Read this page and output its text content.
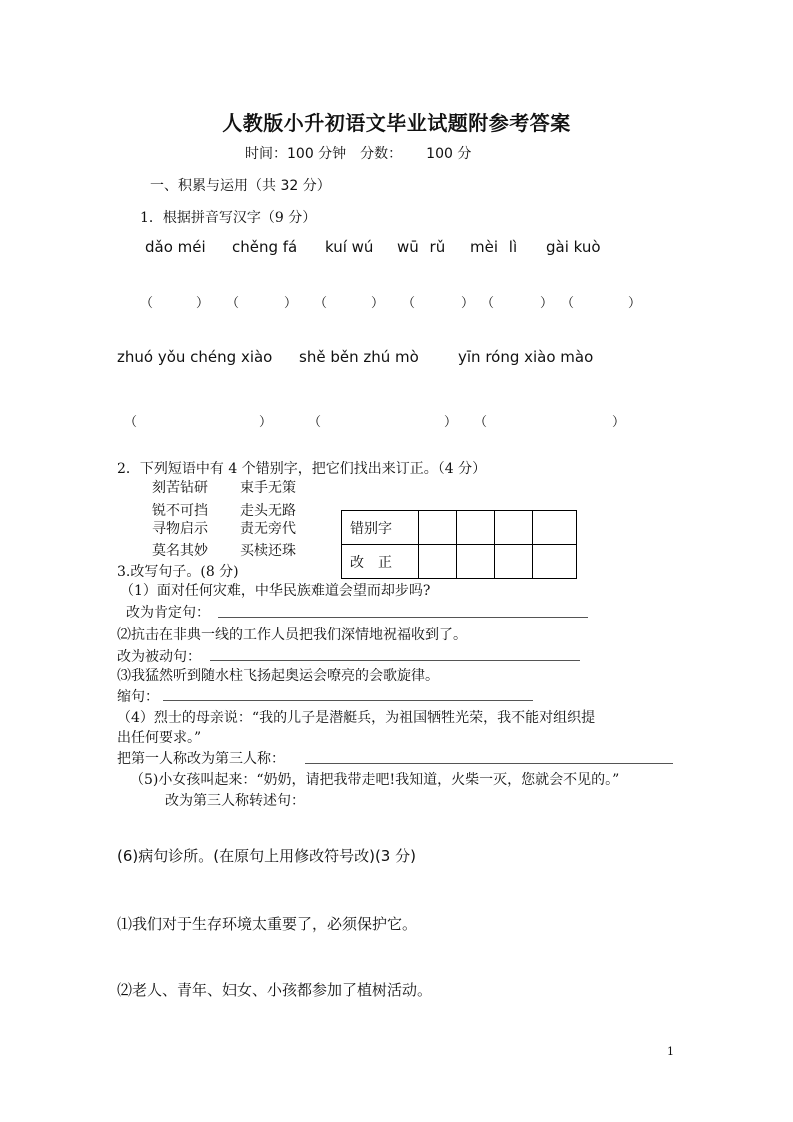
人教版小升初语文毕业试题附参考答案
时间：100 分钟 分数： 100 分
一、积累与运用（共 32 分）
1．根据拼音写汉字（9 分）
dǎo méi chěng fá kuí wú wū rǔ mèi lì gài kuò
（	） （	） （	） （	） （	） （	）
zhuó yǒu chéng xiào shě běn zhú mò	yīn róng xiào mào
（	）	（	） （	）
2．下列短语中有 4 个错别字，把它们找出来订正。（4 分）
刻苦钻研 束手无策
锐不可挡 走头无路
寻物启示 责无旁代
莫名其妙 买椟还珠
错别字				
改　正				
3.改写句子。(8 分)
（1）面对任何灾难，中华民族难道会望而却步吗?
改为肯定句：
⑵抗击在非典一线的工作人员把我们深情地祝福收到了。
改为被动句：
⑶我猛然听到随水柱飞扬起奥运会嘹亮的会歌旋律。
缩句：
（4）烈士的母亲说：“我的儿子是潜艇兵，为祖国牺牲光荣，我不能对组织提
出任何要求。”
把第一人称改为第三人称：
（5)小女孩叫起来：“奶奶，请把我带走吧!我知道，火柴一灭，您就会不见的。”
改为第三人称转述句：
(6)病句诊所。(在原句上用修改符号改)(3 分)
⑴我们对于生存环境太重要了，必须保护它。
⑵老人、青年、妇女、小孩都参加了植树活动。
1
